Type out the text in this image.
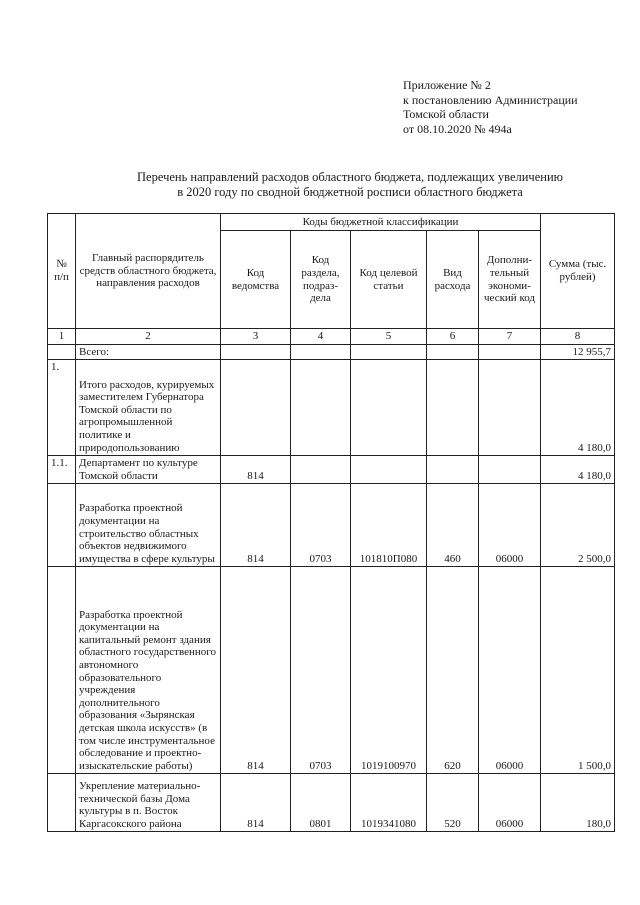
Приложение № 2
к постановлению Администрации
Томской области
от 08.10.2020 № 494а
Перечень направлений расходов областного бюджета, подлежащих увеличению
в 2020 году по сводной бюджетной росписи областного бюджета
№ п/п	Главный распорядитель средств областного бюджета, направления расходов	Коды бюджетной классификации					Сумма (тыс. рублей)
		Код ведомства	Код раздела, подраз-дела	Код целевой статьи	Вид расхода	Дополни-тельный экономи-ческий код	
1	2	3	4	5	6	7	8
	Всего:						12 955,7
1.	Итого расходов, курируемых заместителем Губернатора Томской области по агропромышленной политике и природопользованию						4 180,0
1.1.	Департамент по культуре Томской области	814					4 180,0
	Разработка проектной документации на строительство областных объектов недвижимого имущества в сфере культуры	814	0703	101810П080	460	06000	2 500,0
	Разработка проектной документации на капитальный ремонт здания областного государственного автономного образовательного учреждения дополнительного образования «Зырянская детская школа искусств» (в том числе инструментальное обследование и проектно-изыскательские работы)	814	0703	1019100970	620	06000	1 500,0
	Укрепление материально-технической базы Дома культуры в п. Восток Каргасокского района	814	0801	1019341080	520	06000	180,0
